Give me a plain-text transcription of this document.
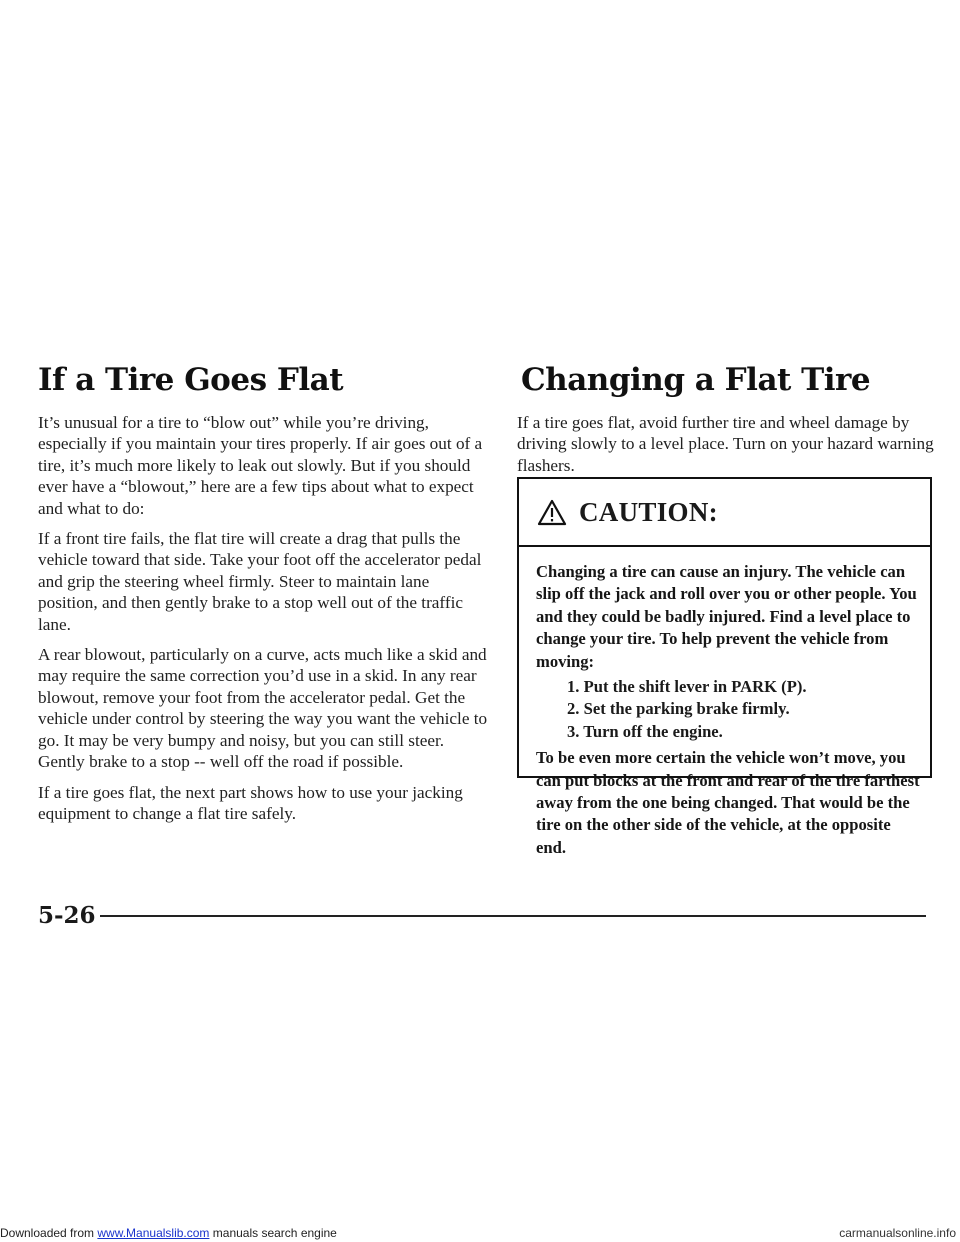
If a Tire Goes Flat

It’s unusual for a tire to “blow out” while you’re driving, especially if you maintain your tires properly. If air goes out of a tire, it’s much more likely to leak out slowly. But if you should ever have a “blowout,” here are a few tips about what to expect and what to do:

If a front tire fails, the flat tire will create a drag that pulls the vehicle toward that side. Take your foot off the accelerator pedal and grip the steering wheel firmly. Steer to maintain lane position, and then gently brake to a stop well out of the traffic lane.

A rear blowout, particularly on a curve, acts much like a skid and may require the same correction you’d use in a skid. In any rear blowout, remove your foot from the accelerator pedal. Get the vehicle under control by steering the way you want the vehicle to go. It may be very bumpy and noisy, but you can still steer. Gently brake to a stop -- well off the road if possible.

If a tire goes flat, the next part shows how to use your jacking equipment to change a flat tire safely.

Changing a Flat Tire

If a tire goes flat, avoid further tire and wheel damage by driving slowly to a level place. Turn on your hazard warning flashers.

CAUTION:

Changing a tire can cause an injury. The vehicle can slip off the jack and roll over you or other people. You and they could be badly injured. Find a level place to change your tire. To help prevent the vehicle from moving:

1. Put the shift lever in PARK (P).
2. Set the parking brake firmly.
3. Turn off the engine.

To be even more certain the vehicle won’t move, you can put blocks at the front and rear of the tire farthest away from the one being changed. That would be the tire on the other side of the vehicle, at the opposite end.

5-26
Downloaded from www.Manualslib.com manuals search engine	carmanualsonline.info
